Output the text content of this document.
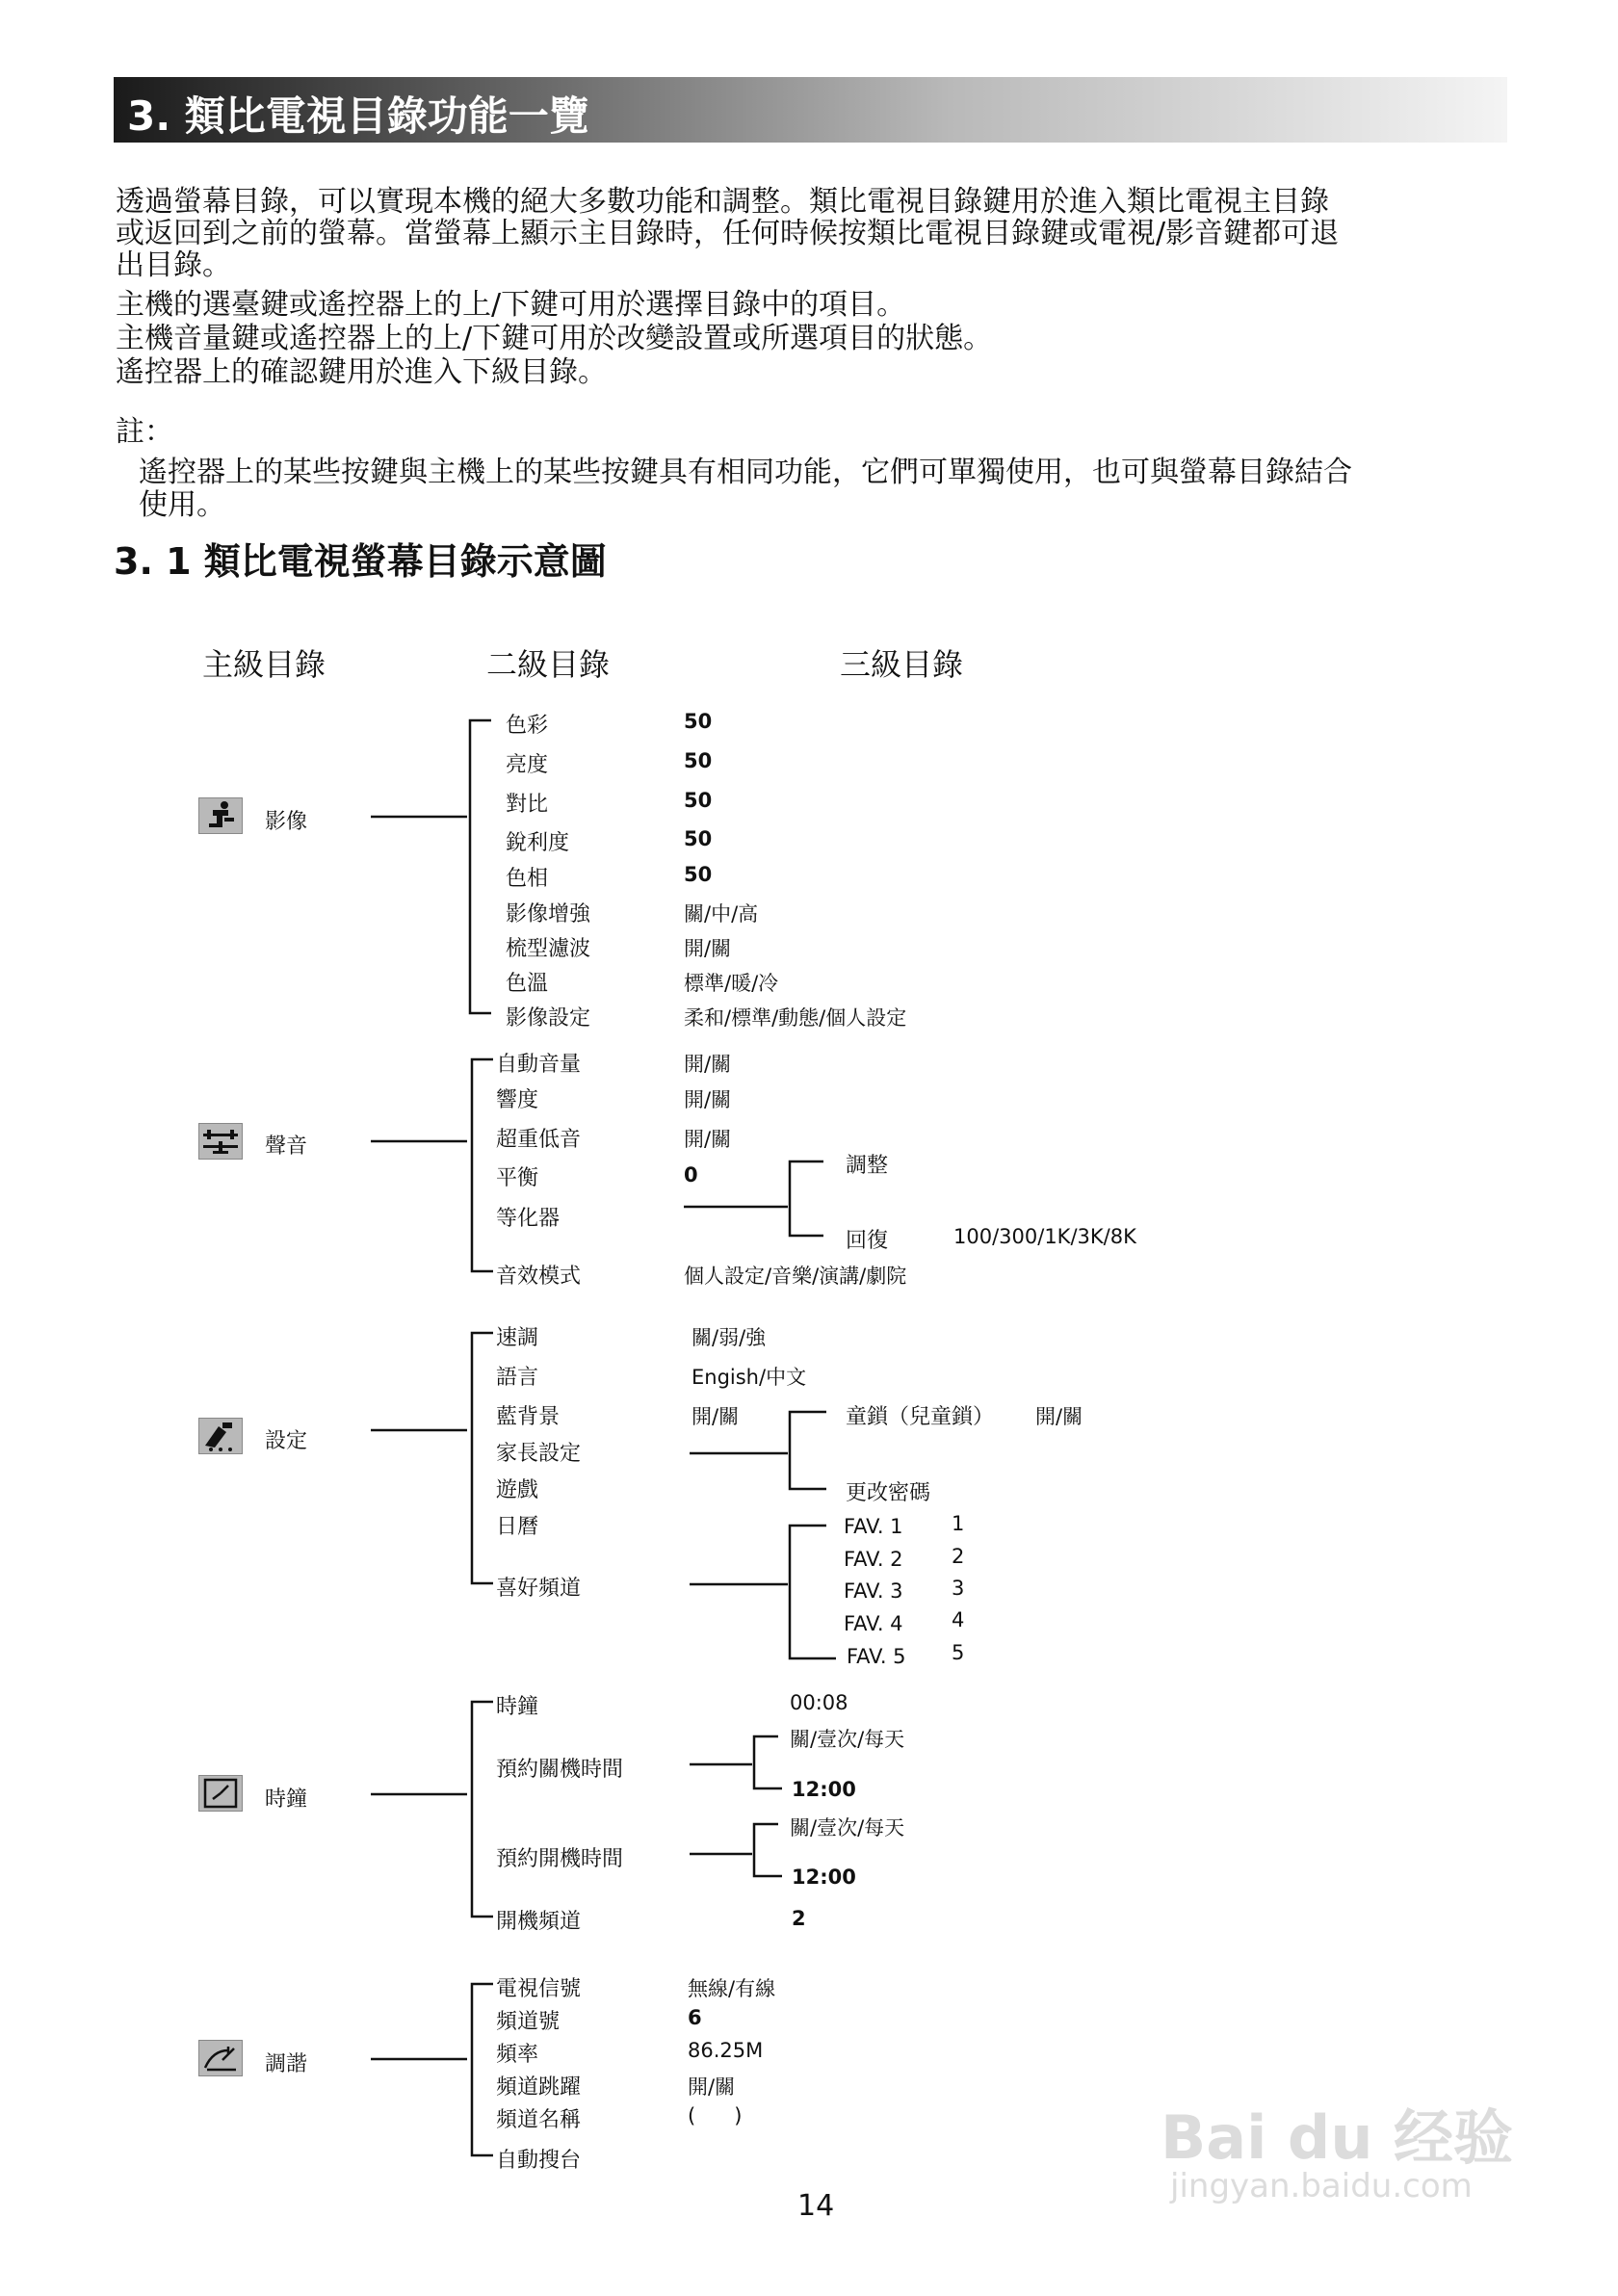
3. 類比電視目錄功能一覽
透過螢幕目錄，可以實現本機的絕大多數功能和調整。類比電視目錄鍵用於進入類比電視主目錄
或返回到之前的螢幕。當螢幕上顯示主目錄時，任何時候按類比電視目錄鍵或電視/影音鍵都可退
出目錄。
主機的選臺鍵或遙控器上的上/下鍵可用於選擇目錄中的項目。
主機音量鍵或遙控器上的上/下鍵可用於改變設置或所選項目的狀態。
遙控器上的確認鍵用於進入下級目錄。
註：
遙控器上的某些按鍵與主機上的某些按鍵具有相同功能，它們可單獨使用，也可與螢幕目錄結合
使用。
3. 1 類比電視螢幕目錄示意圖
主級目錄	二級目錄	三級目錄
影像
色彩	50
亮度	50
對比	50
銳利度	50
色相	50
影像增強	關/中/高
梳型濾波	開/關
色溫	標準/暖/冷
影像設定	柔和/標準/動態/個人設定
聲音
自動音量	開/關
響度	開/關
超重低音	開/關
平衡	0
等化器
音效模式	個人設定/音樂/演講/劇院
調整
回復	100/300/1K/3K/8K
設定
速調	關/弱/強
語言	Engish/中文
藍背景	開/關
家長設定
遊戲
日曆
喜好頻道
童鎖（兒童鎖） 開/關
更改密碼
FAV. 1 1
FAV. 2 2
FAV. 3 3
FAV. 4 4
FAV. 5 5
時鐘
時鐘	00:08
預約關機時間
關/壹次/每天
12:00
預約開機時間
關/壹次/每天
12:00
開機頻道	2
調諧
電視信號	無線/有線
頻道號	6
頻率	86.25M
頻道跳躍	開/關
頻道名稱	(      )
自動搜台
14
Bai du 经验
jingyan.baidu.com
